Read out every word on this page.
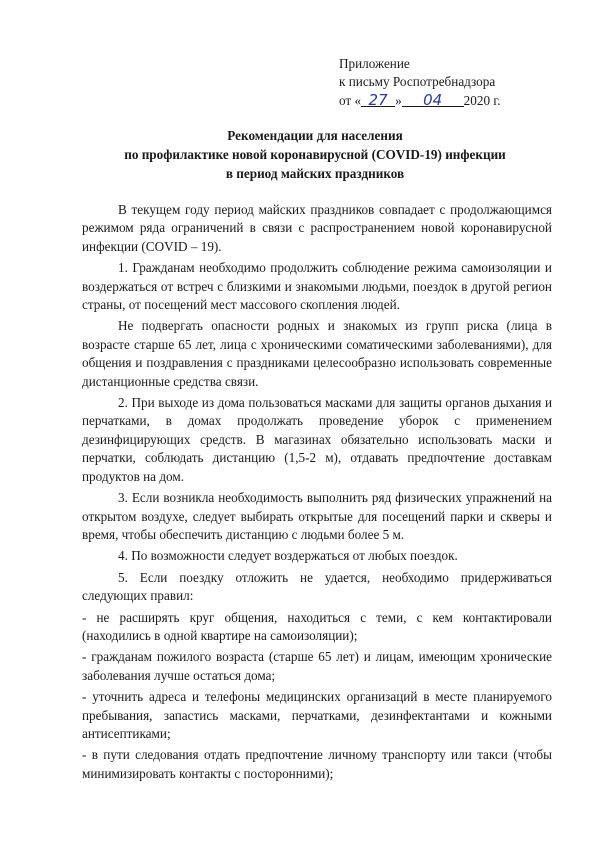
Приложение
к письму Роспотребнадзора
от « 27 » 04 2020 г.
Рекомендации для населения
по профилактике новой коронавирусной (COVID-19) инфекции
в период майских праздников

В текущем году период майских праздников совпадает с продолжающимся режимом ряда ограничений в связи с распространением новой коронавирусной инфекции (COVID – 19).

1. Гражданам необходимо продолжить соблюдение режима самоизоляции и воздержаться от встреч с близкими и знакомыми людьми, поездок в другой регион страны, от посещений мест массового скопления людей.

Не подвергать опасности родных и знакомых из групп риска (лица в возрасте старше 65 лет, лица с хроническими соматическими заболеваниями), для общения и поздравления с праздниками целесообразно использовать современные дистанционные средства связи.

2. При выходе из дома пользоваться масками для защиты органов дыхания и перчатками, в домах продолжать проведение уборок с применением дезинфицирующих средств. В магазинах обязательно использовать маски и перчатки, соблюдать дистанцию (1,5-2 м), отдавать предпочтение доставкам продуктов на дом.

3. Если возникла необходимость выполнить ряд физических упражнений на открытом воздухе, следует выбирать открытые для посещений парки и скверы и время, чтобы обеспечить дистанцию с людьми более 5 м.

4. По возможности следует воздержаться от любых поездок.

5. Если поездку отложить не удается, необходимо придерживаться следующих правил:

- не расширять круг общения, находиться с теми, с кем контактировали (находились в одной квартире на самоизоляции);

- гражданам пожилого возраста (старше 65 лет) и лицам, имеющим хронические заболевания лучше остаться дома;

- уточнить адреса и телефоны медицинских организаций в месте планируемого пребывания, запастись масками, перчатками, дезинфектантами и кожными антисептиками;

- в пути следования отдать предпочтение личному транспорту или такси (чтобы минимизировать контакты с посторонними);
